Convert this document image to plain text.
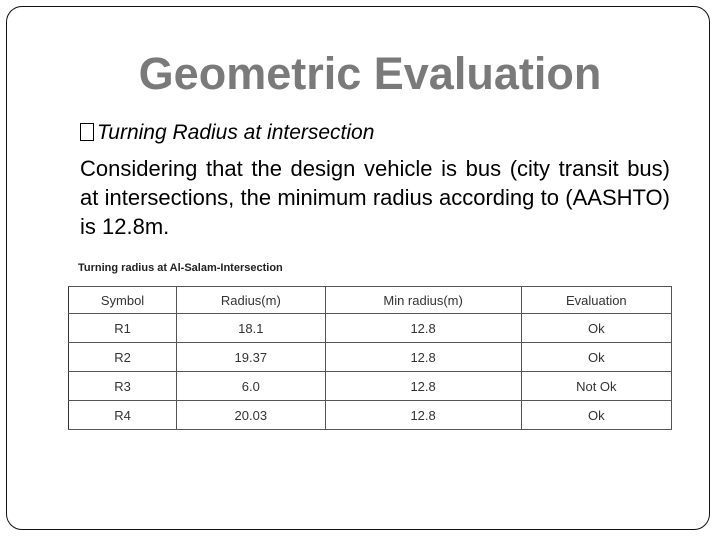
Geometric Evaluation
Turning Radius at intersection
Considering that the design vehicle is bus (city transit bus) at intersections, the minimum radius according to (AASHTO) is 12.8m.
Turning radius at Al-Salam-Intersection
Symbol	Radius(m)	Min radius(m)	Evaluation
R1	18.1	12.8	Ok
R2	19.37	12.8	Ok
R3	6.0	12.8	Not Ok
R4	20.03	12.8	Ok
